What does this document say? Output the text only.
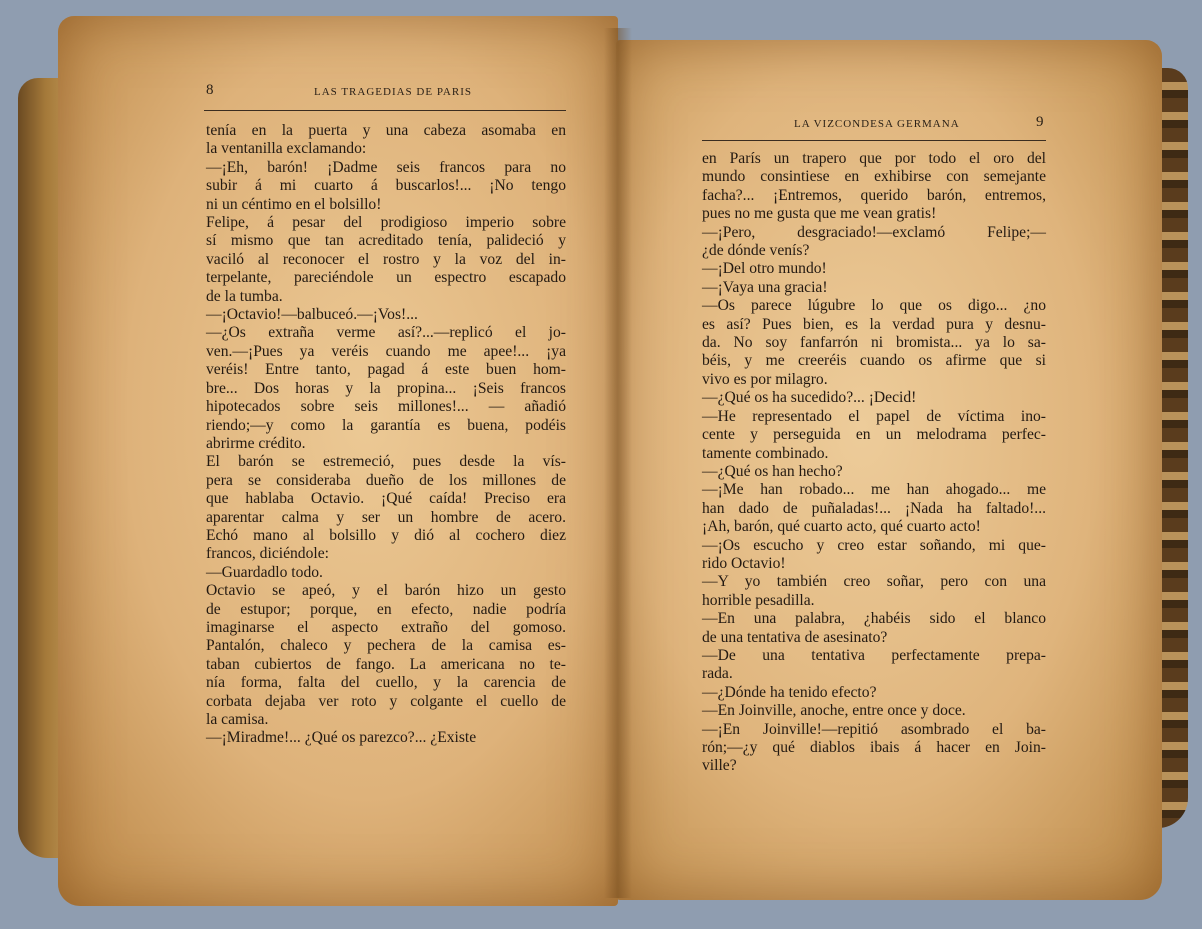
8	LAS TRAGEDIAS DE PARIS

tenía en la puerta y una cabeza asomaba en

la ventanilla exclamando:

—¡Eh, barón! ¡Dadme seis francos para no

subir á mi cuarto á buscarlos!... ¡No tengo

ni un céntimo en el bolsillo!

Felipe, á pesar del prodigioso imperio sobre

sí mismo que tan acreditado tenía, palideció y

vaciló al reconocer el rostro y la voz del in-

terpelante, pareciéndole un espectro escapado

de la tumba.

—¡Octavio!—balbuceó.—¡Vos!...

—¿Os extraña verme así?...—replicó el jo-

ven.—¡Pues ya veréis cuando me apee!... ¡ya

veréis! Entre tanto, pagad á este buen hom-

bre... Dos horas y la propina... ¡Seis francos

hipotecados sobre seis millones!... — añadió

riendo;—y como la garantía es buena, podéis

abrirme crédito.

El barón se estremeció, pues desde la vís-

pera se consideraba dueño de los millones de

que hablaba Octavio. ¡Qué caída! Preciso era

aparentar calma y ser un hombre de acero.

Echó mano al bolsillo y dió al cochero diez

francos, diciéndole:

—Guardadlo todo.

Octavio se apeó, y el barón hizo un gesto

de estupor; porque, en efecto, nadie podría

imaginarse el aspecto extraño del gomoso.

Pantalón, chaleco y pechera de la camisa es-

taban cubiertos de fango. La americana no te-

nía forma, falta del cuello, y la carencia de

corbata dejaba ver roto y colgante el cuello de

la camisa.

—¡Miradme!... ¿Qué os parezco?... ¿Existe

LA VIZCONDESA GERMANA	9

en París un trapero que por todo el oro del

mundo consintiese en exhibirse con semejante

facha?... ¡Entremos, querido barón, entremos,

pues no me gusta que me vean gratis!

—¡Pero, desgraciado!—exclamó Felipe;—

¿de dónde venís?

—¡Del otro mundo!

—¡Vaya una gracia!

—Os parece lúgubre lo que os digo... ¿no

es así? Pues bien, es la verdad pura y desnu-

da. No soy fanfarrón ni bromista... ya lo sa-

béis, y me creeréis cuando os afirme que si

vivo es por milagro.

—¿Qué os ha sucedido?... ¡Decid!

—He representado el papel de víctima ino-

cente y perseguida en un melodrama perfec-

tamente combinado.

—¿Qué os han hecho?

—¡Me han robado... me han ahogado... me

han dado de puñaladas!... ¡Nada ha faltado!...

¡Ah, barón, qué cuarto acto, qué cuarto acto!

—¡Os escucho y creo estar soñando, mi que-

rido Octavio!

—Y yo también creo soñar, pero con una

horrible pesadilla.

—En una palabra, ¿habéis sido el blanco

de una tentativa de asesinato?

—De una tentativa perfectamente prepa-

rada.

—¿Dónde ha tenido efecto?

—En Joinville, anoche, entre once y doce.

—¡En Joinville!—repitió asombrado el ba-

rón;—¿y qué diablos ibais á hacer en Join-

ville?
